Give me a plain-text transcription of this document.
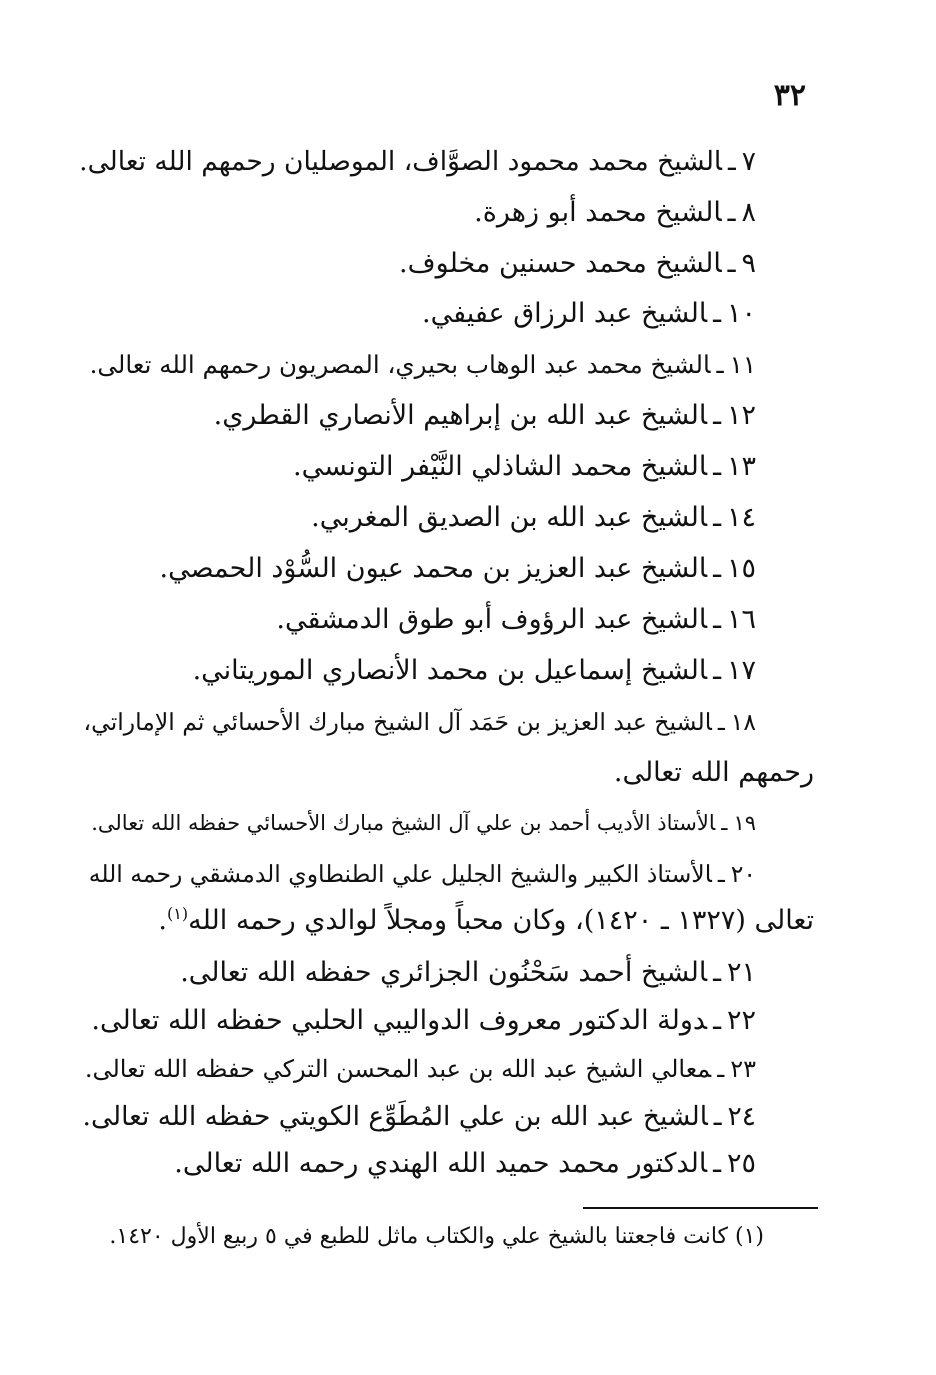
٣٢
٧ـالشيخ محمد محمود الصوَّاف، الموصليان رحمهم الله تعالى.
٨ـالشيخ محمد أبو زهرة.
٩ـالشيخ محمد حسنين مخلوف.
١٠ـالشيخ عبد الرزاق عفيفي.
١١ـالشيخ محمد عبد الوهاب بحيري، المصريون رحمهم الله تعالى.
١٢ـالشيخ عبد الله بن إبراهيم الأنصاري القطري.
١٣ـالشيخ محمد الشاذلي النَّيْفر التونسي.
١٤ـالشيخ عبد الله بن الصديق المغربي.
١٥ـالشيخ عبد العزيز بن محمد عيون السُّوْد الحمصي.
١٦ـالشيخ عبد الرؤوف أبو طوق الدمشقي.
١٧ـالشيخ إسماعيل بن محمد الأنصاري الموريتاني.
١٨ـالشيخ عبد العزيز بن حَمَد آل الشيخ مبارك الأحسائي ثم الإماراتي،
رحمهم الله تعالى.
١٩ـالأستاذ الأديب أحمد بن علي آل الشيخ مبارك الأحسائي حفظه الله تعالى.
٢٠ـالأستاذ الكبير والشيخ الجليل علي الطنطاوي الدمشقي رحمه الله
تعالى (١٣٢٧ ـ ١٤٢٠)، وكان محباً ومجلاً لوالدي رحمه الله$^{(١)}$.
٢١ـالشيخ أحمد سَحْنُون الجزائري حفظه الله تعالى.
٢٢ـدولة الدكتور معروف الدواليبي الحلبي حفظه الله تعالى.
٢٣ـمعالي الشيخ عبد الله بن عبد المحسن التركي حفظه الله تعالى.
٢٤ـالشيخ عبد الله بن علي المُطَوِّع الكويتي حفظه الله تعالى.
٢٥ـالدكتور محمد حميد الله الهندي رحمه الله تعالى.
(١) كانت فاجعتنا بالشيخ علي والكتاب ماثل للطبع في ٥ ربيع الأول ١٤٢٠.
